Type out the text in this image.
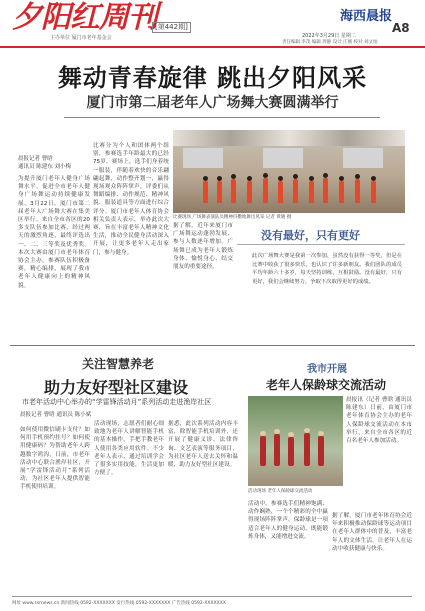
夕阳红周刊
[第442期]
主办单位 厦门市老年基金会
海西晨报
A8
2022年3月29日 星期二
责任编辑 李茂 编辑 周静 设计 庄刚 校对 刘文灿
舞动青春旋律 跳出夕阳风采
厦门市第二届老年人广场舞大赛圆满举行
比赛现场 广场舞表演队员精神抖擞地舞出风采 记者 黄晓 摄
晨报记者 曹晗
通讯员 陈建东 刘小梅
为提升厦门老年人健身广场舞水平，促进全市老年人健身广场舞运动持续健康发展，3月22日，厦门市第二届老年人广场舞大赛在集美区举行。来自全市各区的20多支队伍参加比赛，经过两天的激烈角逐，最终评选出一、二、三等奖及优秀奖。本次大赛由厦门市老年体育协会主办，参赛队伍积极备赛，精心编排，展现了我市老年人健康向上的精神风貌。
比赛分为个人和团体两个组别，参赛选手年龄最大的已经75岁。赛场上，选手们身着统一服装，伴随着欢快的音乐翩翩起舞，动作整齐划一，赢得现场观众阵阵掌声。评委们从舞蹈编排、动作规范、精神风貌、服装道具等方面进行综合评分。厦门市老年人体育协会相关负责人表示，举办此次大赛，旨在丰富老年人精神文化生活，推动全民健身活动深入开展，让更多老年人走出家门，参与健身。
据了解，近年来厦门市广场舞运动蓬勃发展，参与人数逐年增加。广场舞已成为老年人锻炼身体、愉悦身心、结交朋友的重要途径。
没有最好，只有更好
此次广场舞大赛是我第一次参加，虽然没有获得一等奖，但是在比赛中收获了很多快乐，也认识了许多新朋友。我们团队的成员平均年龄六十多岁，每天坚持训练，互相鼓励。没有最好，只有更好，我们会继续努力，争取下次取得更好的成绩。
关注智慧养老
助力友好型社区建设
市老年活动中心举办的“学雷锋活动月”系列活动走进渔岸社区
晨报记者 曹晗 通讯员 陈小斌
如何使用微信刷卡支付？如何用手机预约挂号？如何使用健康码？为帮助老年人跨越数字鸿沟，日前，市老年活动中心联合渔岸社区，开展“学雷锋活动月”系列活动，为社区老年人提供智能手机使用培训。
活动现场，志愿者们耐心细致地为老年人讲解智能手机的基本操作，手把手教老年人使用各类应用软件。不少老年人表示，通过培训学会了很多实用技能，生活更加方便了。
据悉，此次系列活动内容丰富，除智能手机培训外，还开展了健康义诊、法律咨询、文艺表演等服务项目，为社区老年人送去关怀和温暖，助力友好型社区建设。
我市开展
老年人保龄球交流活动
活动现场 老年人保龄球交流活动
晨报讯（记者 曹晗 通讯员 陈建东）日前，由厦门市老年体育协会主办的老年人保龄球交流活动在本市举行，来自全市各区的近百名老年人参加活动。
活动中，参赛选手们精神饱满、动作娴熟，一个个精彩的全中赢得现场阵阵掌声。保龄球是一项适合老年人的健身运动，既能锻炼身体，又能增进交流。
据了解，厦门市老年体育协会近年来积极推动保龄球等运动项目在老年人群体中的普及，丰富老年人的文体生活，让老年人在运动中收获健康与快乐。
网址 www.ssrnews.cn 新闻热线 0592-XXXXXXX 发行热线 0592-XXXXXXX 广告热线 0592-XXXXXXX
